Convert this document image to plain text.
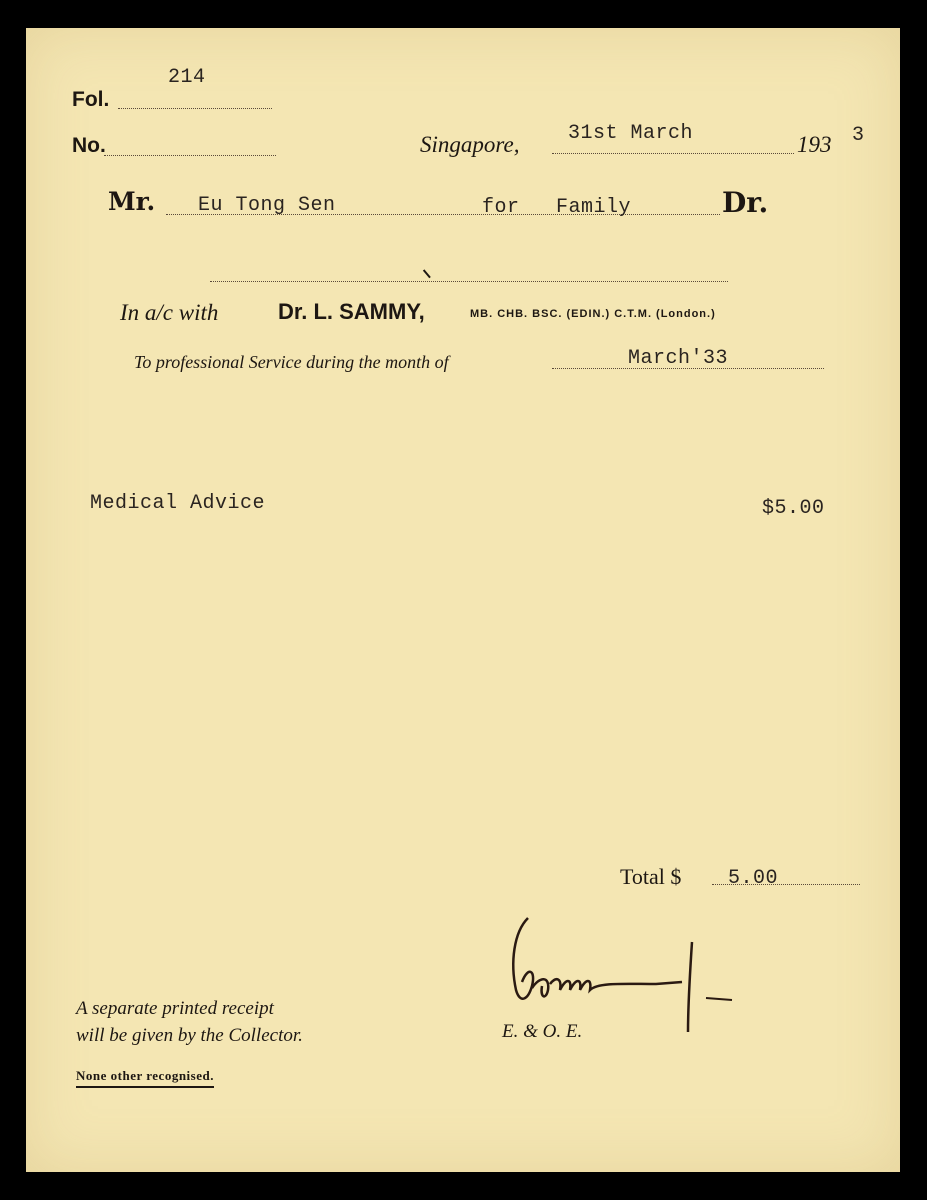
214
Fol.
No.	Singapore, 31st March	193 3
Mr. Eu Tong Sen	for Family	Dr.
In a/c with	Dr. L. SAMMY,	MB. CHB. BSC. (EDIN.) C.T.M. (London.)
To professional Service during the month of	March'33
Medical Advice	$5.00
Total $ 5.00
A separate printed receipt
will be given by the Collector.	E. & O. E.
None other recognised.
